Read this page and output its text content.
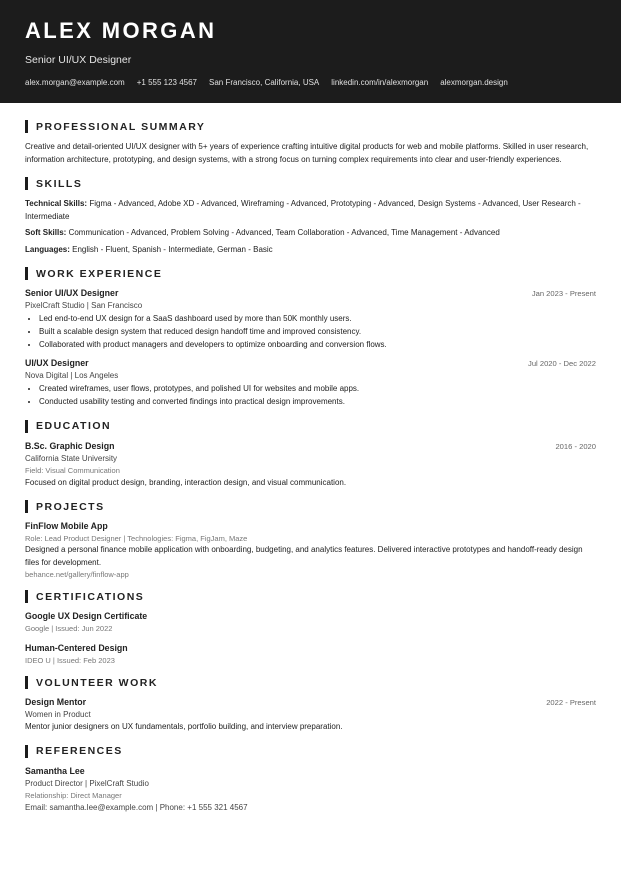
ALEX MORGAN
Senior UI/UX Designer
alex.morgan@example.com +1 555 123 4567 San Francisco, California, USA linkedin.com/in/alexmorgan alexmorgan.design
PROFESSIONAL SUMMARY
Creative and detail-oriented UI/UX designer with 5+ years of experience crafting intuitive digital products for web and mobile platforms. Skilled in user research, information architecture, prototyping, and design systems, with a strong focus on turning complex requirements into clear and user-friendly experiences.
SKILLS
Technical Skills: Figma - Advanced, Adobe XD - Advanced, Wireframing - Advanced, Prototyping - Advanced, Design Systems - Advanced, User Research - Intermediate
Soft Skills: Communication - Advanced, Problem Solving - Advanced, Team Collaboration - Advanced, Time Management - Advanced
Languages: English - Fluent, Spanish - Intermediate, German - Basic
WORK EXPERIENCE
Senior UI/UX Designer	Jan 2023 - Present
PixelCraft Studio | San Francisco
• Led end-to-end UX design for a SaaS dashboard used by more than 50K monthly users.
• Built a scalable design system that reduced design handoff time and improved consistency.
• Collaborated with product managers and developers to optimize onboarding and conversion flows.
UI/UX Designer	Jul 2020 - Dec 2022
Nova Digital | Los Angeles
• Created wireframes, user flows, prototypes, and polished UI for websites and mobile apps.
• Conducted usability testing and converted findings into practical design improvements.
EDUCATION
B.Sc. Graphic Design	2016 - 2020
California State University
Field: Visual Communication
Focused on digital product design, branding, interaction design, and visual communication.
PROJECTS
FinFlow Mobile App
Role: Lead Product Designer | Technologies: Figma, FigJam, Maze
Designed a personal finance mobile application with onboarding, budgeting, and analytics features. Delivered interactive prototypes and handoff-ready design files for development.
behance.net/gallery/finflow-app
CERTIFICATIONS
Google UX Design Certificate
Google | Issued: Jun 2022
Human-Centered Design
IDEO U | Issued: Feb 2023
VOLUNTEER WORK
Design Mentor	2022 - Present
Women in Product
Mentor junior designers on UX fundamentals, portfolio building, and interview preparation.
REFERENCES
Samantha Lee
Product Director | PixelCraft Studio
Relationship: Direct Manager
Email: samantha.lee@example.com | Phone: +1 555 321 4567
